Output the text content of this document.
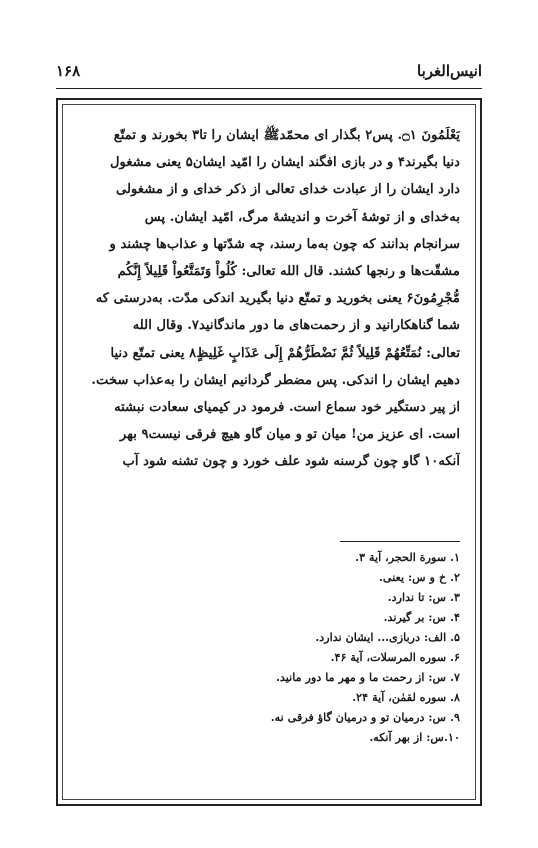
انیس‌الغربا
۱۶۸
یَعْلَمُونَ ۝١. پس۲ بگذار ای محمّدﷺ ایشان را تا۳ بخورند و تمتّع
دنیا بگیرند۴ و در بازی افگند ایشان را امّید ایشان۵ یعنی مشغول
دارد ایشان را از عبادت خدای تعالی از ذکر خدای و از مشغولی
به‌خدای و از توشهٔ آخرت و اندیشهٔ مرگ، امّید ایشان. پس
سرانجام بدانند که چون به‌ما رسند، چه شدّتها و عذاب‌ها چشند و
مشقّت‌ها و رنجها کشند. قال الله تعالی: كُلُواْ وَتَمَتَّعُواْ قَلِيلاً إِنَّكُم
مُّجْرِمُونَ۶ یعنی بخورید و تمتّع دنیا بگیرید اندکی مدّت. به‌درستی که
شما گناهکارانید و از رحمت‌های ما دور ماندگانید۷. وقال الله
تعالی: نُمَتِّعُهُمْ قَلِيلاً ثُمَّ نَضْطَرُّهُمْ إِلَى عَذَابٍ غَلِيظٍ۸ یعنی تمتّع دنیا
دهیم ایشان را اندکی. پس مضطر گردانیم ایشان را به‌عذاب سخت.
از پیر دستگیر خود سماع است. فرمود در کیمیای سعادت نبشته
است. ای عزیز من! میان تو و میان گاو هیچ فرقی نیست۹ بهر
آنکه۱۰ گاو چون گرسنه شود علف خورد و چون تشنه شود آب
۱. سورة الحجر، آیة ۳.
۲. خ و س: یعنی.
۳. س: تا ندارد.
۴. س: بر گیرند.
۵. الف: دربازی... ایشان ندارد.
۶. سوره المرسلات، آیة ۴۶.
۷. س: از رحمت ما و مهر ما دور مانید.
۸. سوره لقمٰن، آیة ۲۴.
۹. س: درمیان تو و درمیان گاؤ فرقی نه.
۱۰.س: از بهر آنکه.
